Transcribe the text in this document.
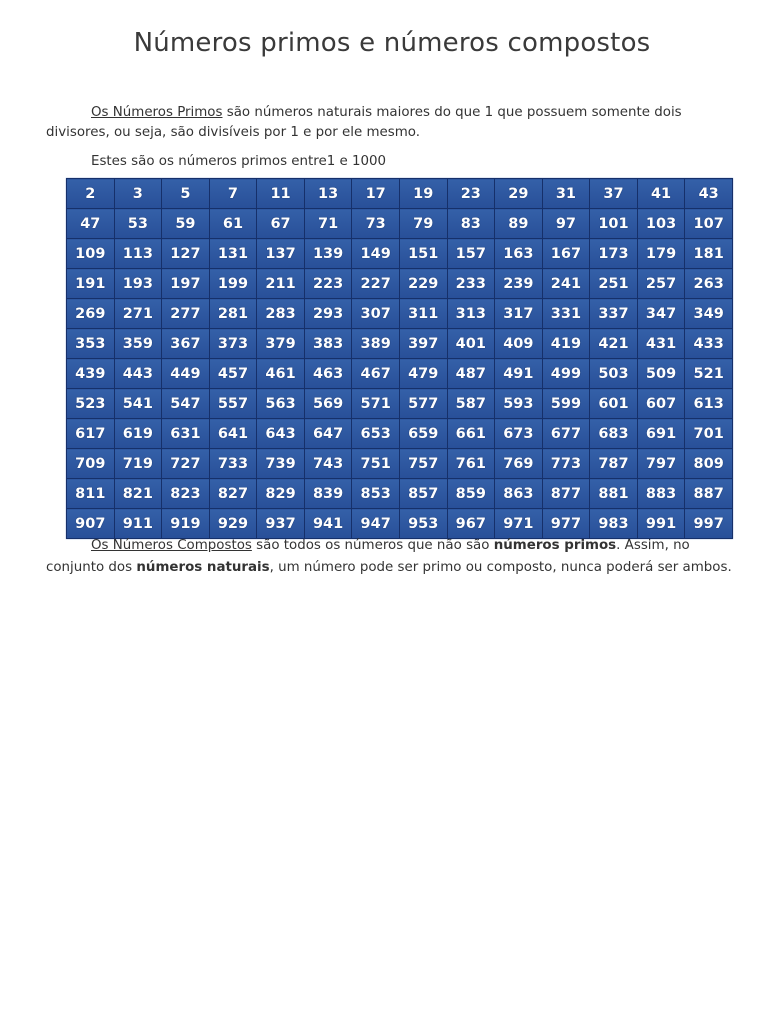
Números primos e números compostos

Os Números Primos são números naturais maiores do que 1 que possuem somente dois divisores, ou seja, são divisíveis por 1 e por ele mesmo.

Estes são os números primos entre1 e 1000

2	3	5	7	11	13	17	19	23	29	31	37	41	43
47	53	59	61	67	71	73	79	83	89	97	101	103	107
109	113	127	131	137	139	149	151	157	163	167	173	179	181
191	193	197	199	211	223	227	229	233	239	241	251	257	263
269	271	277	281	283	293	307	311	313	317	331	337	347	349
353	359	367	373	379	383	389	397	401	409	419	421	431	433
439	443	449	457	461	463	467	479	487	491	499	503	509	521
523	541	547	557	563	569	571	577	587	593	599	601	607	613
617	619	631	641	643	647	653	659	661	673	677	683	691	701
709	719	727	733	739	743	751	757	761	769	773	787	797	809
811	821	823	827	829	839	853	857	859	863	877	881	883	887
907	911	919	929	937	941	947	953	967	971	977	983	991	997

Os Números Compostos são todos os números que não são números primos. Assim, no conjunto dos números naturais, um número pode ser primo ou composto, nunca poderá ser ambos.
